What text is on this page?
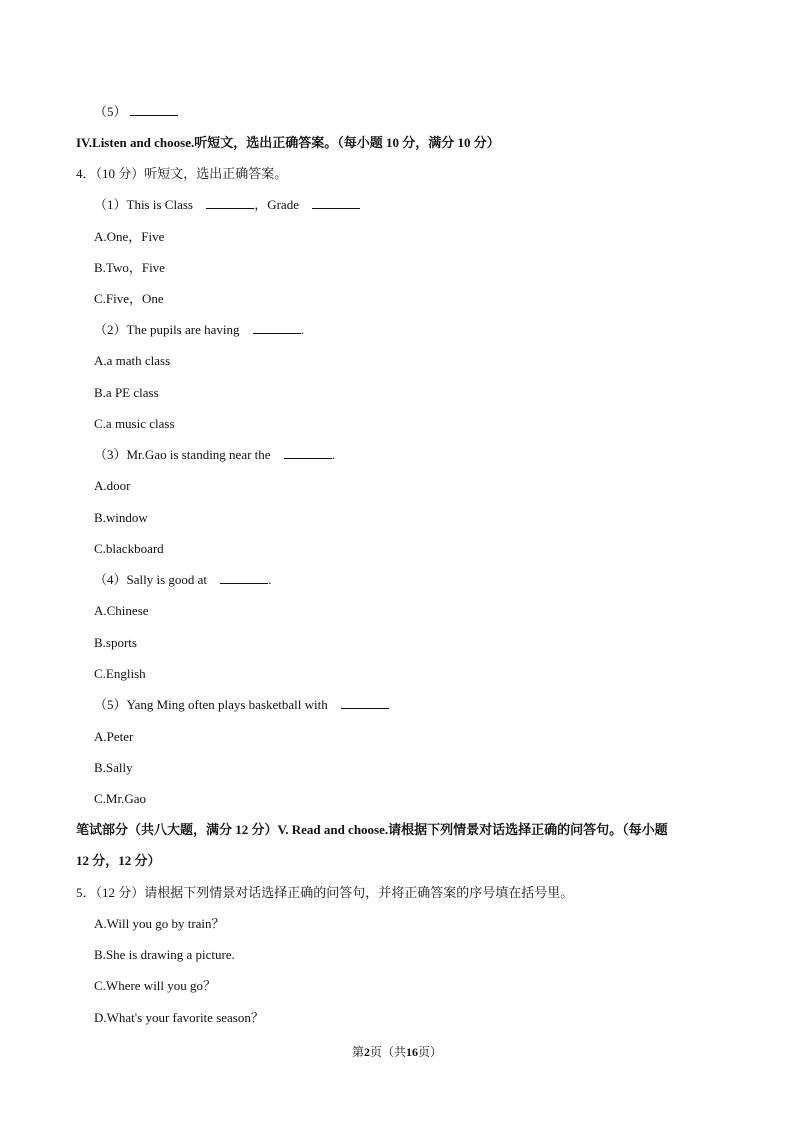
（5）
IV.Listen and choose.听短文，选出正确答案。（每小题 10 分，满分 10 分）
4．（10 分）听短文，选出正确答案。
（1）This is Class	，Grade
A.One，Five
B.Two，Five
C.Five，One
（2）The pupils are having	.
A.a math class
B.a PE class
C.a music class
（3）Mr.Gao is standing near the	.
A.door
B.window
C.blackboard
（4）Sally is good at	.
A.Chinese
B.sports
C.English
（5）Yang Ming often plays basketball with
A.Peter
B.Sally
C.Mr.Gao
笔试部分（共八大题，满分 12 分）V. Read and choose.请根据下列情景对话选择正确的问答句。（每小题
12 分，12 分）
5．（12 分）请根据下列情景对话选择正确的问答句，并将正确答案的序号填在括号里。
A.Will you go by train？
B.She is drawing a picture.
C.Where will you go？
D.What's your favorite season？
第2页（共16页）
